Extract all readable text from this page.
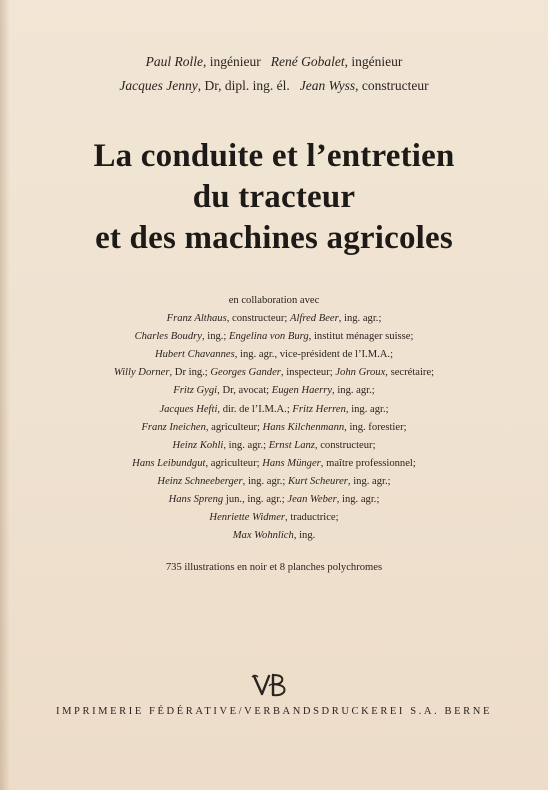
Paul Rolle, ingénieur René Gobalet, ingénieur
Jacques Jenny, Dr, dipl. ing. él. Jean Wyss, constructeur
La conduite et l’entretien
du tracteur
et des machines agricoles
en collaboration avec
Franz Althaus, constructeur; Alfred Beer, ing. agr.;
Charles Boudry, ing.; Engelina von Burg, institut ménager suisse;
Hubert Chavannes, ing. agr., vice-président de l’I.M.A.;
Willy Dorner, Dr ing.; Georges Gander, inspecteur; John Groux, secrétaire;
Fritz Gygi, Dr, avocat; Eugen Haerry, ing. agr.;
Jacques Hefti, dir. de l’I.M.A.; Fritz Herren, ing. agr.;
Franz Ineichen, agriculteur; Hans Kilchenmann, ing. forestier;
Heinz Kohli, ing. agr.; Ernst Lanz, constructeur;
Hans Leibundgut, agriculteur; Hans Münger, maître professionnel;
Heinz Schneeberger, ing. agr.; Kurt Scheurer, ing. agr.;
Hans Spreng jun., ing. agr.; Jean Weber, ing. agr.;
Henriette Widmer, traductrice;
Max Wohnlich, ing.
735 illustrations en noir et 8 planches polychromes
IMPRIMERIE FÉDÉRATIVE/VERBANDSDRUCKEREI S.A. BERNE
